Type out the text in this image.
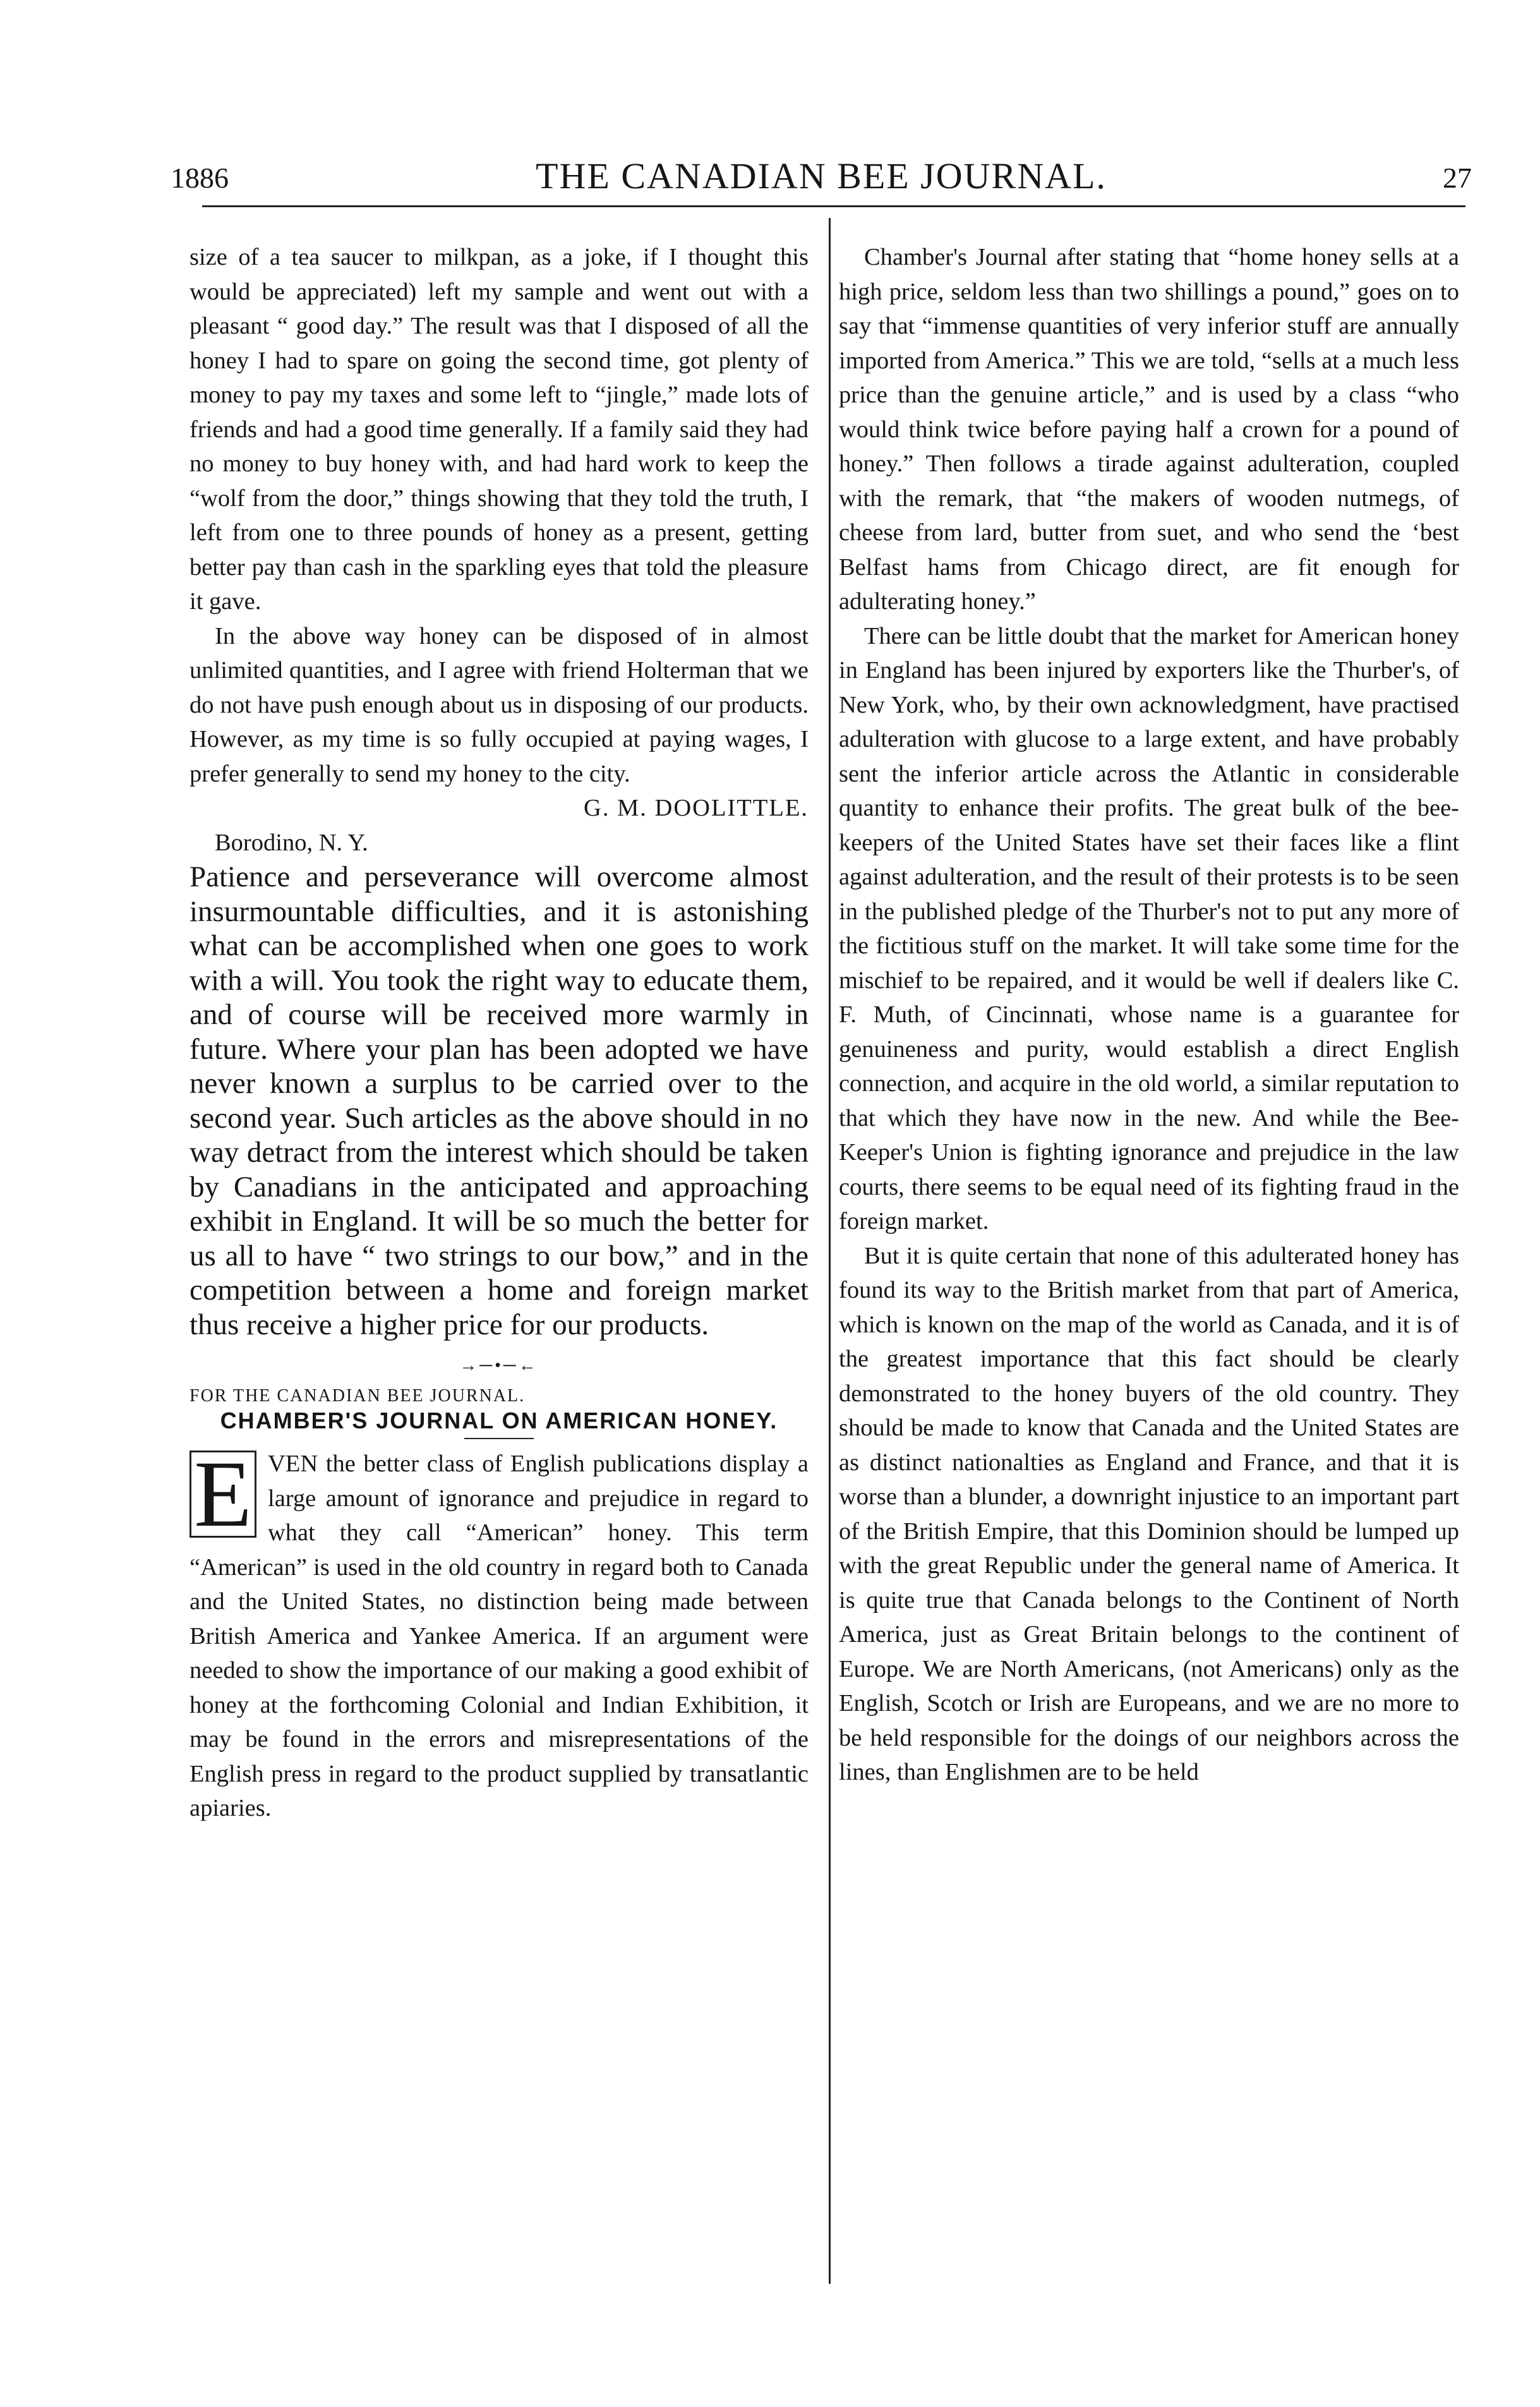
1886	THE CANADIAN BEE JOURNAL.	27

size of a tea saucer to milkpan, as a joke, if I thought this would be appreciated) left my sample and went out with a pleasant “ good day.” The result was that I disposed of all the honey I had to spare on going the second time, got plenty of money to pay my taxes and some left to “jingle,” made lots of friends and had a good time generally. If a family said they had no money to buy honey with, and had hard work to keep the “wolf from the door,” things showing that they told the truth, I left from one to three pounds of honey as a present, getting better pay than cash in the sparkling eyes that told the pleasure it gave.

In the above way honey can be disposed of in almost unlimited quantities, and I agree with friend Holterman that we do not have push enough about us in disposing of our products. However, as my time is so fully occupied at paying wages, I prefer generally to send my honey to the city.

G. M. DOOLITTLE.

Borodino, N. Y.

Patience and perseverance will overcome almost insurmountable difficulties, and it is astonishing what can be accomplished when one goes to work with a will. You took the right way to educate them, and of course will be received more warmly in future. Where your plan has been adopted we have never known a surplus to be carried over to the second year. Such articles as the above should in no way detract from the interest which should be taken by Canadians in the anticipated and approaching exhibit in England. It will be so much the better for us all to have “ two strings to our bow,” and in the competition between a home and foreign market thus receive a higher price for our products.

→─•─←

FOR THE CANADIAN BEE JOURNAL.

CHAMBER'S JOURNAL ON AMERICAN HONEY.

E VEN the better class of English publications display a large amount of ignorance and prejudice in regard to what they call “American” honey. This term “American” is used in the old country in regard both to Canada and the United States, no distinction being made between British America and Yankee America. If an argument were needed to show the importance of our making a good exhibit of honey at the forthcoming Colonial and Indian Exhibition, it may be found in the errors and misrepresentations of the English press in regard to the product supplied by transatlantic apiaries.

Chamber's Journal after stating that “home honey sells at a high price, seldom less than two shillings a pound,” goes on to say that “immense quantities of very inferior stuff are annually imported from America.” This we are told, “sells at a much less price than the genuine article,” and is used by a class “who would think twice before paying half a crown for a pound of honey.” Then follows a tirade against adulteration, coupled with the remark, that “the makers of wooden nutmegs, of cheese from lard, butter from suet, and who send the ‘best Belfast hams from Chicago direct, are fit enough for adulterating honey.”

There can be little doubt that the market for American honey in England has been injured by exporters like the Thurber's, of New York, who, by their own acknowledgment, have practised adulteration with glucose to a large extent, and have probably sent the inferior article across the Atlantic in considerable quantity to enhance their profits. The great bulk of the bee-keepers of the United States have set their faces like a flint against adulteration, and the result of their protests is to be seen in the published pledge of the Thurber's not to put any more of the fictitious stuff on the market. It will take some time for the mischief to be repaired, and it would be well if dealers like C. F. Muth, of Cincinnati, whose name is a guarantee for genuineness and purity, would establish a direct English connection, and acquire in the old world, a similar reputation to that which they have now in the new. And while the Bee-Keeper's Union is fighting ignorance and prejudice in the law courts, there seems to be equal need of its fighting fraud in the foreign market.

But it is quite certain that none of this adulterated honey has found its way to the British market from that part of America, which is known on the map of the world as Canada, and it is of the greatest importance that this fact should be clearly demonstrated to the honey buyers of the old country. They should be made to know that Canada and the United States are as distinct nationalties as England and France, and that it is worse than a blunder, a downright injustice to an important part of the British Empire, that this Dominion should be lumped up with the great Republic under the general name of America. It is quite true that Canada belongs to the Continent of North America, just as Great Britain belongs to the continent of Europe. We are North Americans, (not Americans) only as the English, Scotch or Irish are Europeans, and we are no more to be held responsible for the doings of our neighbors across the lines, than Englishmen are to be held
